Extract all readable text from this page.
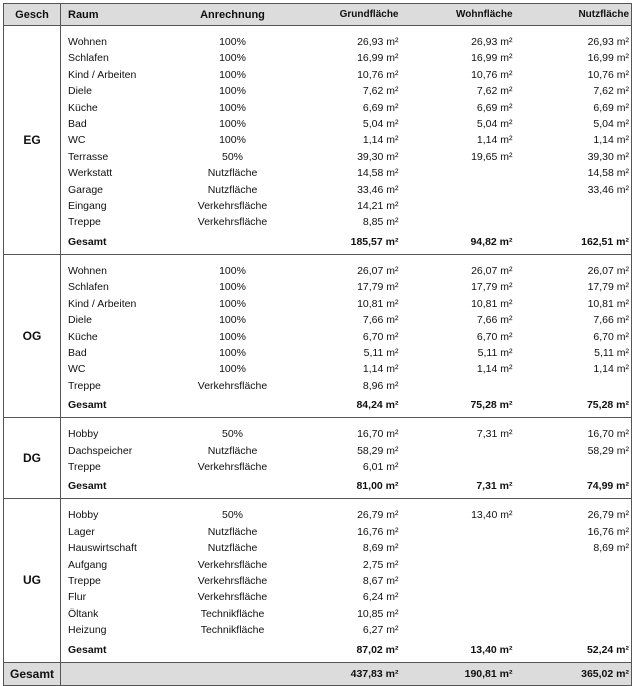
Gesch	Raum	Anrechnung	Grundfläche	Wohnfläche	Nutzfläche
EG	Wohnen	100%	26,93 m²	26,93 m²	26,93 m²
	Schlafen	100%	16,99 m²	16,99 m²	16,99 m²
	Kind / Arbeiten	100%	10,76 m²	10,76 m²	10,76 m²
	Diele	100%	7,62 m²	7,62 m²	7,62 m²
	Küche	100%	6,69 m²	6,69 m²	6,69 m²
	Bad	100%	5,04 m²	5,04 m²	5,04 m²
	WC	100%	1,14 m²	1,14 m²	1,14 m²
	Terrasse	50%	39,30 m²	19,65 m²	39,30 m²
	Werkstatt	Nutzfläche	14,58 m²		14,58 m²
	Garage	Nutzfläche	33,46 m²		33,46 m²
	Eingang	Verkehrsfläche	14,21 m²		
	Treppe	Verkehrsfläche	8,85 m²		
	Gesamt		185,57 m²	94,82 m²	162,51 m²
OG	Wohnen	100%	26,07 m²	26,07 m²	26,07 m²
	Schlafen	100%	17,79 m²	17,79 m²	17,79 m²
	Kind / Arbeiten	100%	10,81 m²	10,81 m²	10,81 m²
	Diele	100%	7,66 m²	7,66 m²	7,66 m²
	Küche	100%	6,70 m²	6,70 m²	6,70 m²
	Bad	100%	5,11 m²	5,11 m²	5,11 m²
	WC	100%	1,14 m²	1,14 m²	1,14 m²
	Treppe	Verkehrsfläche	8,96 m²		
	Gesamt		84,24 m²	75,28 m²	75,28 m²
DG	Hobby	50%	16,70 m²	7,31 m²	16,70 m²
	Dachspeicher	Nutzfläche	58,29 m²		58,29 m²
	Treppe	Verkehrsfläche	6,01 m²		
	Gesamt		81,00 m²	7,31 m²	74,99 m²
UG	Hobby	50%	26,79 m²	13,40 m²	26,79 m²
	Lager	Nutzfläche	16,76 m²		16,76 m²
	Hauswirtschaft	Nutzfläche	8,69 m²		8,69 m²
	Aufgang	Verkehrsfläche	2,75 m²		
	Treppe	Verkehrsfläche	8,67 m²		
	Flur	Verkehrsfläche	6,24 m²		
	Öltank	Technikfläche	10,85 m²		
	Heizung	Technikfläche	6,27 m²		
	Gesamt		87,02 m²	13,40 m²	52,24 m²
Gesamt			437,83 m²	190,81 m²	365,02 m²
